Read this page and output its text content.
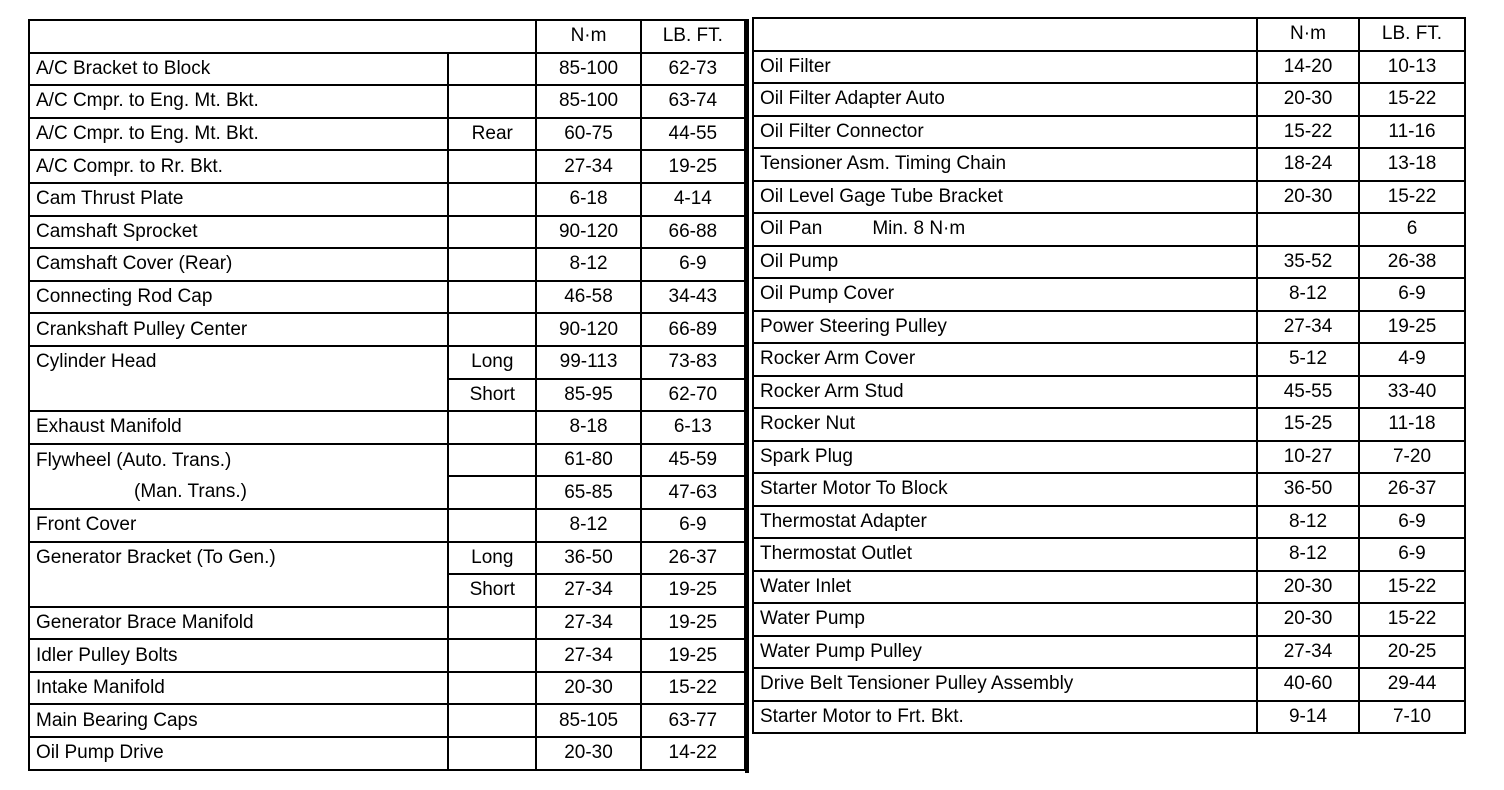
		N·m	LB. FT.
A/C Bracket to Block		85-100	62-73
A/C Cmpr. to Eng. Mt. Bkt.		85-100	63-74
A/C Cmpr. to Eng. Mt. Bkt.	Rear	60-75	44-55
A/C Compr. to Rr. Bkt.		27-34	19-25
Cam Thrust Plate		6-18	4-14
Camshaft Sprocket		90-120	66-88
Camshaft Cover (Rear)		8-12	6-9
Connecting Rod Cap		46-58	34-43
Crankshaft Pulley Center		90-120	66-89
Cylinder Head	Long	99-113	73-83
	Short	85-95	62-70
Exhaust Manifold		8-18	6-13
Flywheel (Auto. Trans.)		61-80	45-59
(Man. Trans.)		65-85	47-63
Front Cover		8-12	6-9
Generator Bracket (To Gen.)	Long	36-50	26-37
	Short	27-34	19-25
Generator Brace Manifold		27-34	19-25
Idler Pulley Bolts		27-34	19-25
Intake Manifold		20-30	15-22
Main Bearing Caps		85-105	63-77
Oil Pump Drive		20-30	14-22
	N·m	LB. FT.
Oil Filter	14-20	10-13
Oil Filter Adapter Auto	20-30	15-22
Oil Filter Connector	15-22	11-16
Tensioner Asm. Timing Chain	18-24	13-18
Oil Level Gage Tube Bracket	20-30	15-22
Oil Pan Min. 8 N·m		6
Oil Pump	35-52	26-38
Oil Pump Cover	8-12	6-9
Power Steering Pulley	27-34	19-25
Rocker Arm Cover	5-12	4-9
Rocker Arm Stud	45-55	33-40
Rocker Nut	15-25	11-18
Spark Plug	10-27	7-20
Starter Motor To Block	36-50	26-37
Thermostat Adapter	8-12	6-9
Thermostat Outlet	8-12	6-9
Water Inlet	20-30	15-22
Water Pump	20-30	15-22
Water Pump Pulley	27-34	20-25
Drive Belt Tensioner Pulley Assembly	40-60	29-44
Starter Motor to Frt. Bkt.	9-14	7-10
